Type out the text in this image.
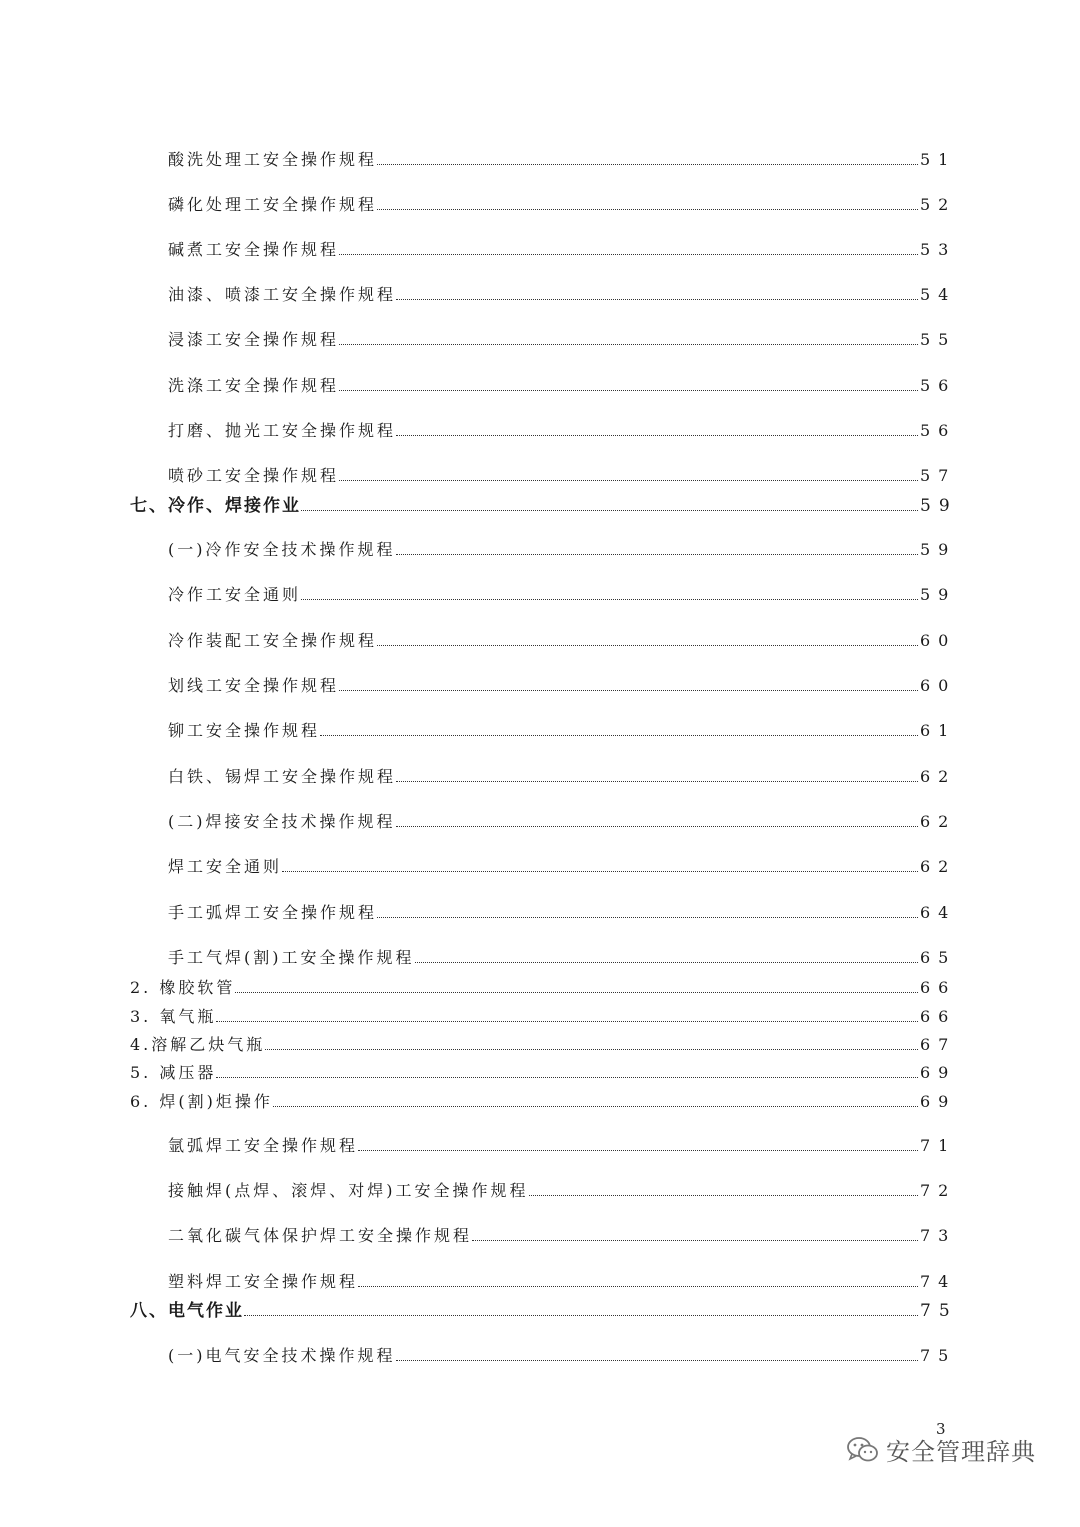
酸洗处理工安全操作规程	51
磷化处理工安全操作规程	52
碱煮工安全操作规程	53
油漆、喷漆工安全操作规程	54
浸漆工安全操作规程	55
洗涤工安全操作规程	56
打磨、抛光工安全操作规程	56
喷砂工安全操作规程	57
七、冷作、焊接作业	59
(一)冷作安全技术操作规程	59
冷作工安全通则	59
冷作装配工安全操作规程	60
划线工安全操作规程	60
铆工安全操作规程	61
白铁、锡焊工安全操作规程	62
(二)焊接安全技术操作规程	62
焊工安全通则	62
手工弧焊工安全操作规程	64
手工气焊(割)工安全操作规程	65
2. 橡胶软管	66
3. 氧气瓶	66
4.溶解乙炔气瓶	67
5. 减压器	69
6. 焊(割)炬操作	69
氩弧焊工安全操作规程	71
接触焊(点焊、滚焊、对焊)工安全操作规程	72
二氧化碳气体保护焊工安全操作规程	73
塑料焊工安全操作规程	74
八、电气作业	75
(一)电气安全技术操作规程	75
3
安全管理辞典
